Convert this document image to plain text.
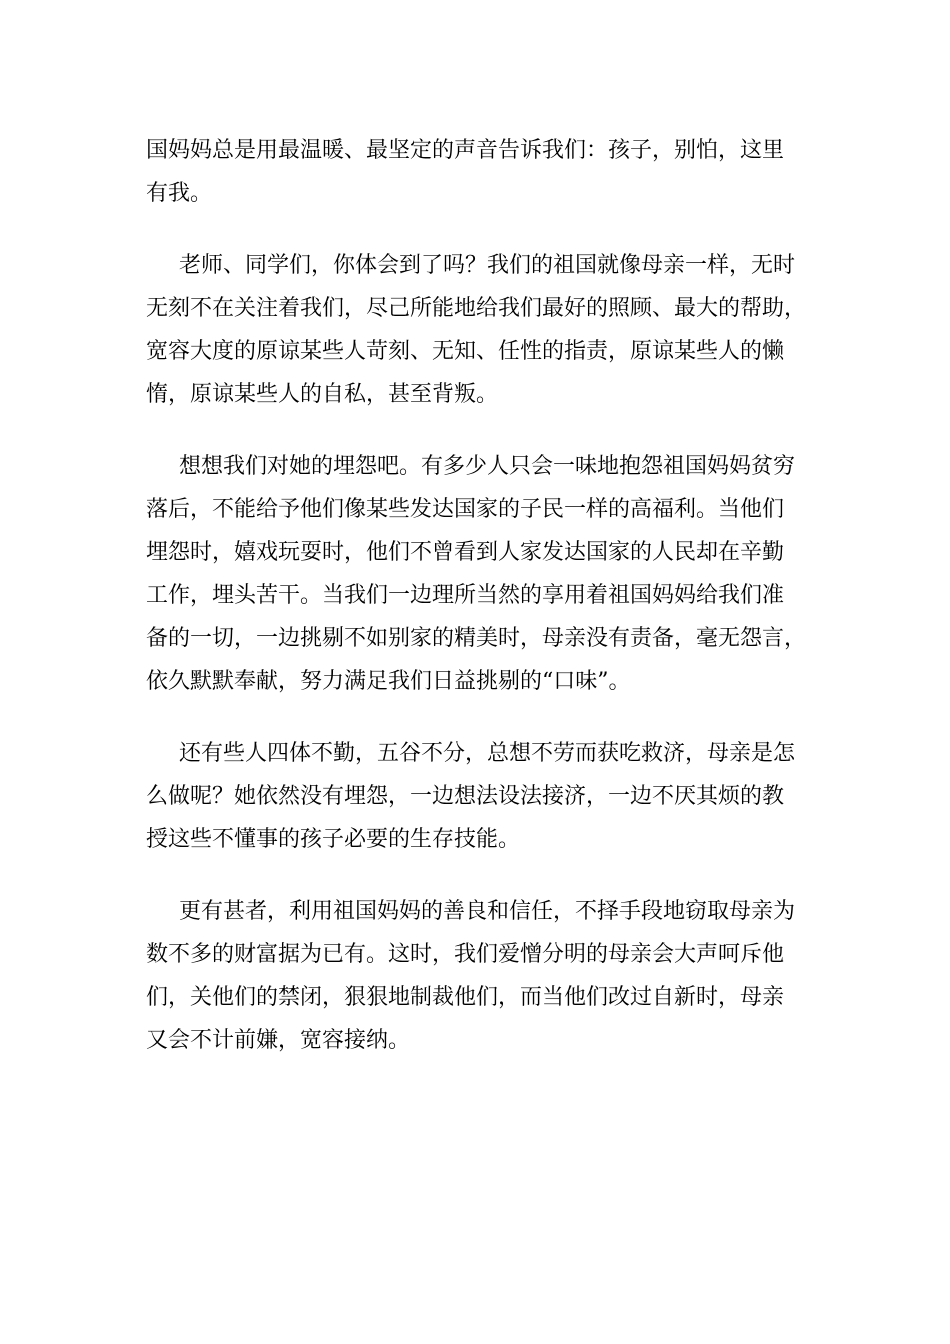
国妈妈总是用最温暖、最坚定的声音告诉我们：孩子，别怕，这里
有我。
老师、同学们，你体会到了吗？我们的祖国就像母亲一样，无时
无刻不在关注着我们，尽己所能地给我们最好的照顾、最大的帮助，
宽容大度的原谅某些人苛刻、无知、任性的指责，原谅某些人的懒
惰，原谅某些人的自私，甚至背叛。
想想我们对她的埋怨吧。有多少人只会一味地抱怨祖国妈妈贫穷
落后，不能给予他们像某些发达国家的子民一样的高福利。当他们
埋怨时，嬉戏玩耍时，他们不曾看到人家发达国家的人民却在辛勤
工作，埋头苦干。当我们一边理所当然的享用着祖国妈妈给我们准
备的一切，一边挑剔不如别家的精美时，母亲没有责备，毫无怨言，
依久默默奉献，努力满足我们日益挑剔的“口味”。
还有些人四体不勤，五谷不分，总想不劳而获吃救济，母亲是怎
么做呢？她依然没有埋怨，一边想法设法接济，一边不厌其烦的教
授这些不懂事的孩子必要的生存技能。
更有甚者，利用祖国妈妈的善良和信任，不择手段地窃取母亲为
数不多的财富据为已有。这时，我们爱憎分明的母亲会大声呵斥他
们，关他们的禁闭，狠狠地制裁他们，而当他们改过自新时，母亲
又会不计前嫌，宽容接纳。
